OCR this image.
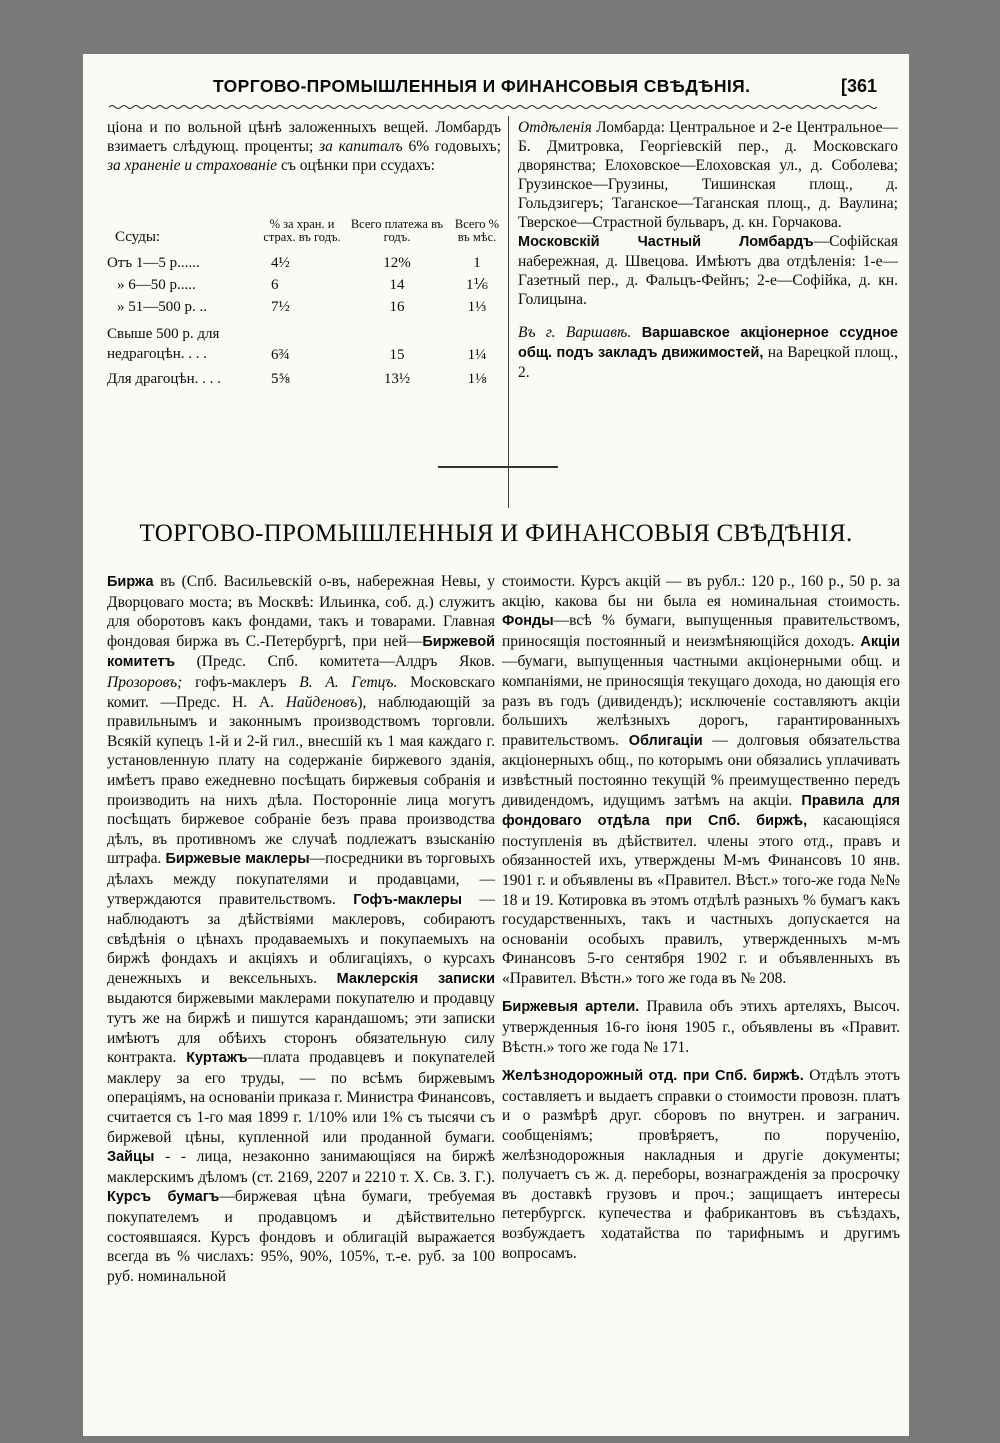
ТОРГОВО-ПРОМЫШЛЕННЫЯ И ФИНАНСОВЫЯ СВѢДѢНІЯ.	[361

ціона и по вольной цѣнѣ заложенныхъ вещей. Ломбардъ взимаетъ слѣдующ. проценты; за капиталъ 6% годовыхъ; за храненіе и страхованіе съ оцѣнки при ссудахъ:

Ссуды:	% за хран. и страх. въ годъ.	Всего платежа въ годъ.	Всего % въ мѣс.
Отъ 1—5 р......	4½	12%	1
» 6—50 р.....	6	14	1⅙
» 51—500 р. ..	7½	16	1⅓
Свыше 500 р. для недрагоцѣн. . . .	6¾	15	1¼
Для драгоцѣн. . . .	5⅝	13½	1⅛

Отдѣленія Ломбарда: Центральное и 2-е Центральное—Б. Дмитровка, Георгіевскій пер., д. Московскаго дворянства; Елоховское—Елоховская ул., д. Соболева; Грузинское—Грузины, Тишинская площ., д. Гольдзигеръ; Таганское—Таганская площ., д. Ваулина; Тверское—Страстной бульваръ, д. кн. Горчакова.

Московскій Частный Ломбардъ—Софійская набережная, д. Швецова. Имѣютъ два отдѣленія: 1-е—Газетный пер., д. Фальцъ-Фейнъ; 2-е—Софійка, д. кн. Голицына.

Въ г. Варшавѣ. Варшавское акціонерное ссудное общ. подъ закладъ движимостей, на Варецкой площ., 2.

ТОРГОВО-ПРОМЫШЛЕННЫЯ И ФИНАНСОВЫЯ СВѢДѢНІЯ.

Биржа въ (Спб. Васильевскій о-въ, набережная Невы, у Дворцоваго моста; въ Москвѣ: Ильинка, соб. д.) служитъ для оборотовъ какъ фондами, такъ и товарами. Главная фондовая биржа въ С.-Петербургѣ, при ней—Биржевой комитетъ (Предс. Спб. комитета—Алдръ Яков. Прозоровъ; гофъ-маклеръ В. А. Гетцъ. Московскаго комит. —Предс. Н. А. Найденовъ), наблюдающій за правильнымъ и законнымъ производствомъ торговли. Всякій купецъ 1-й и 2-й гил., внесшій къ 1 мая каждаго г. установленную плату на содержаніе биржевого зданія, имѣетъ право ежедневно посѣщать биржевыя собранія и производить на нихъ дѣла. Посторонніе лица могутъ посѣщать биржевое собраніе безъ права производства дѣлъ, въ противномъ же случаѣ подлежатъ взысканію штрафа. Биржевые маклеры—посредники въ торговыхъ дѣлахъ между покупателями и продавцами, — утверждаются правительствомъ. Гофъ-маклеры — наблюдаютъ за дѣйствіями маклеровъ, собираютъ свѣдѣнія о цѣнахъ продаваемыхъ и покупаемыхъ на биржѣ фондахъ и акціяхъ и облигаціяхъ, о курсахъ денежныхъ и вексельныхъ. Маклерскія записки выдаются биржевыми маклерами покупателю и продавцу тутъ же на биржѣ и пишутся карандашомъ; эти записки имѣютъ для обѣихъ сторонъ обязательную силу контракта. Куртажъ—плата продавцевъ и покупателей маклеру за его труды, — по всѣмъ биржевымъ операціямъ, на основаніи приказа г. Министра Финансовъ, считается съ 1-го мая 1899 г. 1/10% или 1% съ тысячи съ биржевой цѣны, купленной или проданной бумаги. Зайцы - - лица, незаконно занимающіяся на биржѣ маклерскимъ дѣломъ (ст. 2169, 2207 и 2210 т. X. Св. З. Г.). Курсъ бумагъ—биржевая цѣна бумаги, требуемая покупателемъ и продавцомъ и дѣйствительно состоявшаяся. Курсъ фондовъ и облигацій выражается всегда въ % числахъ: 95%, 90%, 105%, т.-е. руб. за 100 руб. номинальной

стоимости. Курсъ акцій — въ рубл.: 120 р., 160 р., 50 р. за акцію, какова бы ни была ея номинальная стоимость. Фонды—всѣ % бумаги, выпущенныя правительствомъ, приносящія постоянный и неизмѣняющійся доходъ. Акціи—бумаги, выпущенныя частными акціонерными общ. и компаніями, не приносящія текущаго дохода, но дающія его разъ въ годъ (дивидендъ); исключеніе составляютъ акціи большихъ желѣзныхъ дорогъ, гарантированныхъ правительствомъ. Облигаціи — долговыя обязательства акціонерныхъ общ., по которымъ они обязались уплачивать извѣстный постоянно текущій % преимущественно передъ дивидендомъ, идущимъ затѣмъ на акціи. Правила для фондоваго отдѣла при Спб. биржѣ, касающіяся поступленія въ дѣйствител. члены этого отд., правъ и обязанностей ихъ, утверждены М-мъ Финансовъ 10 янв. 1901 г. и объявлены въ «Правител. Вѣст.» того-же года №№ 18 и 19. Котировка въ этомъ отдѣлѣ разныхъ % бумагъ какъ государственныхъ, такъ и частныхъ допускается на основаніи особыхъ правилъ, утвержденныхъ м-мъ Финансовъ 5-го сентября 1902 г. и объявленныхъ въ «Правител. Вѣстн.» того же года въ № 208.

Биржевыя артели. Правила объ этихъ артеляхъ, Высоч. утвержденныя 16-го іюня 1905 г., объявлены въ «Правит. Вѣстн.» того же года № 171.

Желѣзнодорожный отд. при Спб. биржѣ. Отдѣлъ этотъ составляетъ и выдаетъ справки о стоимости провозн. платъ и о размѣрѣ друг. сборовъ по внутрен. и загранич. сообщеніямъ; провѣряетъ, по порученію, желѣзнодорожныя накладныя и другіе документы; получаетъ съ ж. д. переборы, вознагражденія за просрочку въ доставкѣ грузовъ и проч.; защищаетъ интересы петербургск. купечества и фабрикантовъ въ съѣздахъ, возбуждаетъ ходатайства по тарифнымъ и другимъ вопросамъ.
